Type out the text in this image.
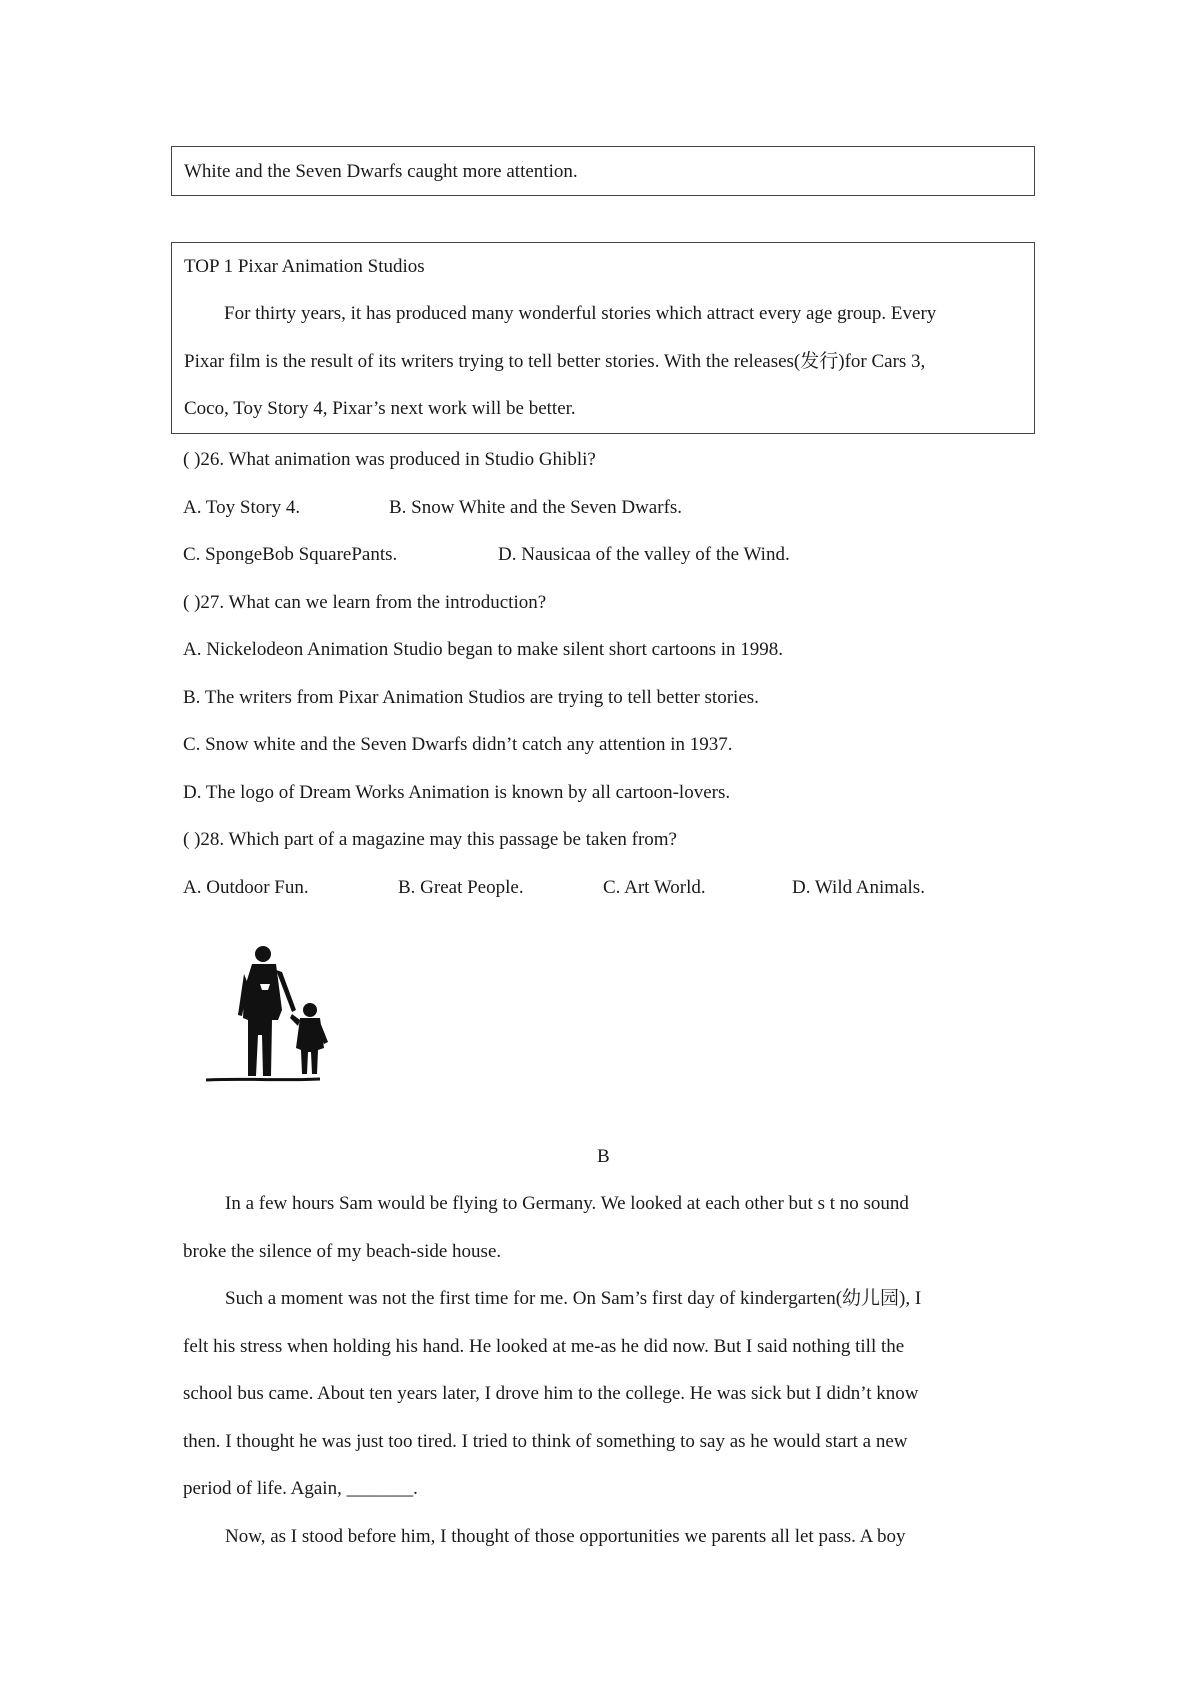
White and the Seven Dwarfs caught more attention.
TOP 1 Pixar Animation Studios
For thirty years, it has produced many wonderful stories which attract every age group. Every
Pixar film is the result of its writers trying to tell better stories. With the releases(发行)for Cars 3,
Coco, Toy Story 4, Pixar’s next work will be better.
( )26. What animation was produced in Studio Ghibli?
A. Toy Story 4.	B. Snow White and the Seven Dwarfs.
C. SpongeBob SquarePants.	D. Nausicaa of the valley of the Wind.
( )27. What can we learn from the introduction?
A. Nickelodeon Animation Studio began to make silent short cartoons in 1998.
B. The writers from Pixar Animation Studios are trying to tell better stories.
C. Snow white and the Seven Dwarfs didn’t catch any attention in 1937.
D. The logo of Dream Works Animation is known by all cartoon-lovers.
( )28. Which part of a magazine may this passage be taken from?
A. Outdoor Fun.	B. Great People.	C. Art World.	D. Wild Animals.
B
In a few hours Sam would be flying to Germany. We looked at each other but s t no sound
broke the silence of my beach-side house.
Such a moment was not the first time for me. On Sam’s first day of kindergarten(幼儿园), I
felt his stress when holding his hand. He looked at me-as he did now. But I said nothing till the
school bus came. About ten years later, I drove him to the college. He was sick but I didn’t know
then. I thought he was just too tired. I tried to think of something to say as he would start a new
period of life. Again, _______.
Now, as I stood before him, I thought of those opportunities we parents all let pass. A boy
